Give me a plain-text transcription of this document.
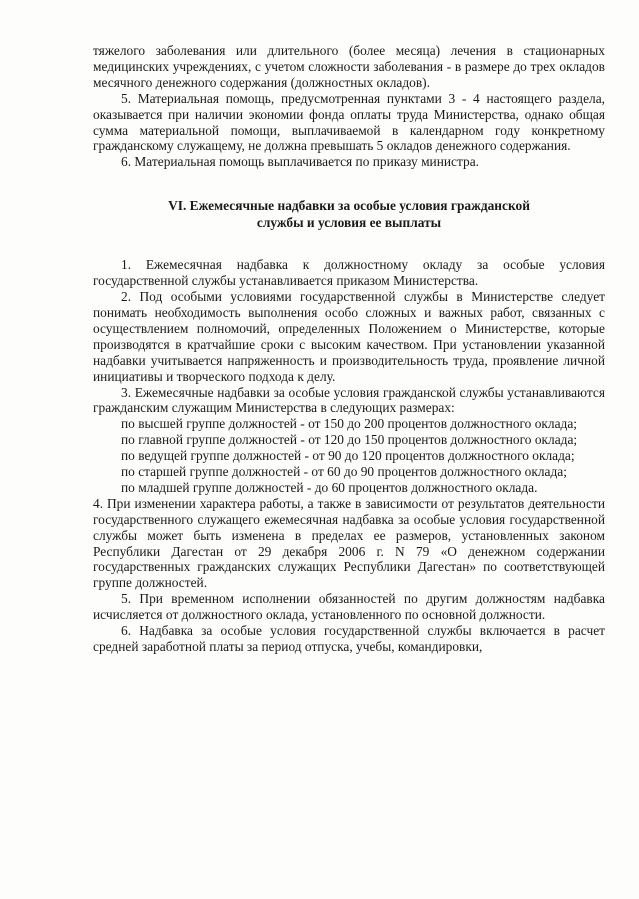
тяжелого заболевания или длительного (более месяца) лечения в стационарных медицинских учреждениях, с учетом сложности заболевания - в размере до трех окладов месячного денежного содержания (должностных окладов).

5. Материальная помощь, предусмотренная пунктами 3 - 4 настоящего раздела, оказывается при наличии экономии фонда оплаты труда Министерства, однако общая сумма материальной помощи, выплачиваемой в календарном году конкретному гражданскому служащему, не должна превышать 5 окладов денежного содержания.

6. Материальная помощь выплачивается по приказу министра.

VI. Ежемесячные надбавки за особые условия гражданской
службы и условия ее выплаты

1. Ежемесячная надбавка к должностному окладу за особые условия государственной службы устанавливается приказом Министерства.

2. Под особыми условиями государственной службы в Министерстве следует понимать необходимость выполнения особо сложных и важных работ, связанных с осуществлением полномочий, определенных Положением о Министерстве, которые производятся в кратчайшие сроки с высоким качеством. При установлении указанной надбавки учитывается напряженность и производительность труда, проявление личной инициативы и творческого подхода к делу.

3. Ежемесячные надбавки за особые условия гражданской службы устанавливаются гражданским служащим Министерства в следующих размерах:

по высшей группе должностей - от 150 до 200 процентов должностного оклада;

по главной группе должностей - от 120 до 150 процентов должностного оклада;

по ведущей группе должностей - от 90 до 120 процентов должностного оклада;

по старшей группе должностей - от 60 до 90 процентов должностного оклада;

по младшей группе должностей - до 60 процентов должностного оклада.

4. При изменении характера работы, а также в зависимости от результатов деятельности государственного служащего ежемесячная надбавка за особые условия государственной службы может быть изменена в пределах ее размеров, установленных законом Республики Дагестан от 29 декабря 2006 г. N 79 «О денежном содержании государственных гражданских служащих Республики Дагестан» по соответствующей группе должностей.

5. При временном исполнении обязанностей по другим должностям надбавка исчисляется от должностного оклада, установленного по основной должности.

6. Надбавка за особые условия государственной службы включается в расчет средней заработной платы за период отпуска, учебы, командировки,
